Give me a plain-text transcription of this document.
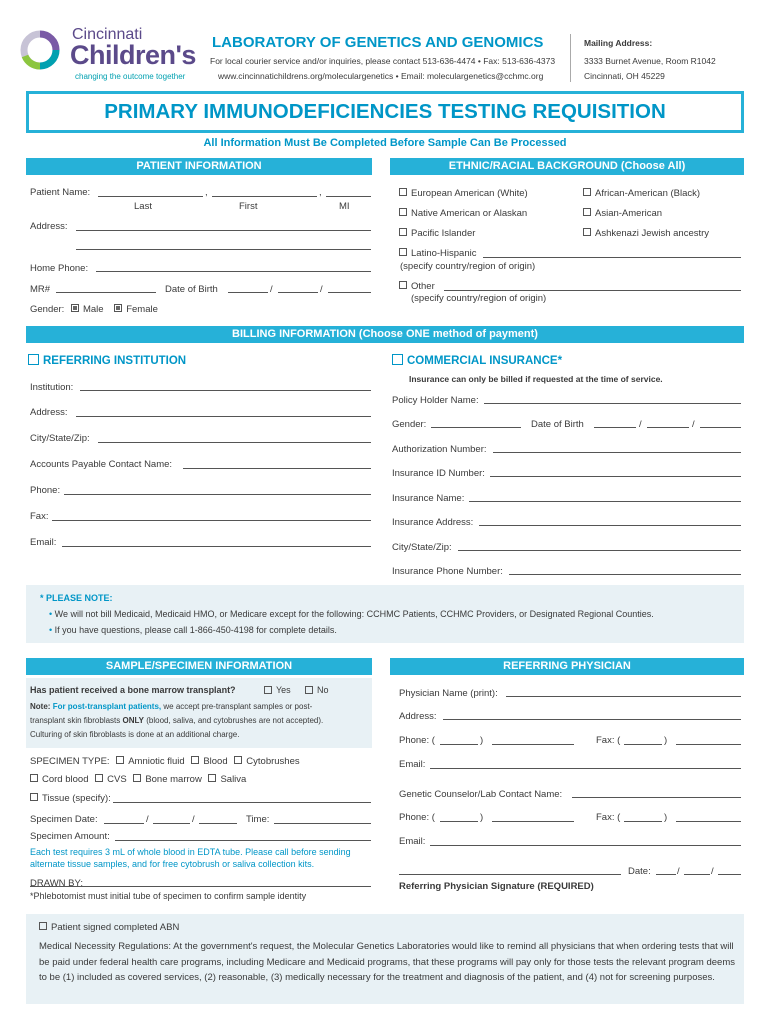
Cincinnati
Children's
changing the outcome together
LABORATORY OF GENETICS AND GENOMICS
For local courier service and/or inquiries, please contact 513-636-4474 • Fax: 513-636-4373
www.cincinnatichildrens.org/moleculargenetics • Email: moleculargenetics@cchmc.org
Mailing Address:
3333 Burnet Avenue, Room R1042
Cincinnati, OH 45229
PRIMARY IMMUNODEFICIENCIES TESTING REQUISITION
All Information Must Be Completed Before Sample Can Be Processed
PATIENT INFORMATION	ETHNIC/RACIAL BACKGROUND (Choose All)
Patient Name:	,	,
Last	First	MI
Address:
Home Phone:
MR#	Date of Birth	/	/
Gender: Male Female
European American (White)	African-American (Black)
Native American or Alaskan	Asian-American
Pacific Islander	Ashkenazi Jewish ancestry
Latino-Hispanic
(specify country/region of origin)
Other
(specify country/region of origin)
BILLING INFORMATION (Choose ONE method of payment)
REFERRING INSTITUTION	COMMERCIAL INSURANCE*
Insurance can only be billed if requested at the time of service.
Institution:
Address:
City/State/Zip:
Accounts Payable Contact Name:
Phone:
Fax:
Email:
Policy Holder Name:
Gender:	Date of Birth	/	/
Authorization Number:
Insurance ID Number:
Insurance Name:
Insurance Address:
City/State/Zip:
Insurance Phone Number:
* PLEASE NOTE:
• We will not bill Medicaid, Medicaid HMO, or Medicare except for the following: CCHMC Patients, CCHMC Providers, or Designated Regional Counties.
• If you have questions, please call 1-866-450-4198 for complete details.
SAMPLE/SPECIMEN INFORMATION	REFERRING PHYSICIAN
Has patient received a bone marrow transplant?	Yes	No
Note: For post-transplant patients, we accept pre-transplant samples or post-
transplant skin fibroblasts ONLY (blood, saliva, and cytobrushes are not accepted).
Culturing of skin fibroblasts is done at an additional charge.
SPECIMEN TYPE: Amniotic fluid Blood Cytobrushes
Cord blood CVS Bone marrow Saliva
Tissue (specify):
Specimen Date:	/	/	Time:
Specimen Amount:
Each test requires 3 mL of whole blood in EDTA tube. Please call before sending
alternate tissue samples, and for free cytobrush or saliva collection kits.
DRAWN BY:
*Phlebotomist must initial tube of specimen to confirm sample identity
Physician Name (print):
Address:
Phone: (	)	Fax: (	)
Email:
Genetic Counselor/Lab Contact Name:
Phone: (	)	Fax: (	)
Email:
Date:	/	/
Referring Physician Signature (REQUIRED)
Patient signed completed ABN
Medical Necessity Regulations: At the government's request, the Molecular Genetics Laboratories would like to remind all physicians that when ordering tests that will be paid under federal health care programs, including Medicare and Medicaid programs, that these programs will pay only for those tests the relevant program deems to be (1) included as covered services, (2) reasonable, (3) medically necessary for the treatment and diagnosis of the patient, and (4) not for screening purposes.
